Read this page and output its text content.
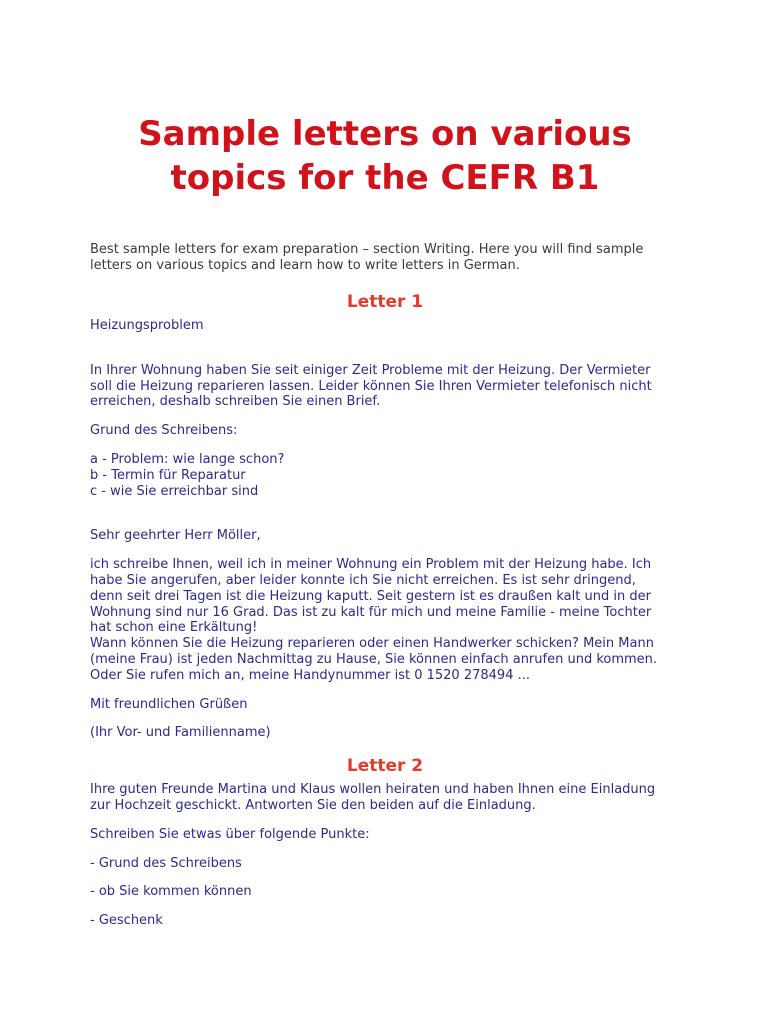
Sample letters on various
topics for the CEFR B1

Best sample letters for exam preparation – section Writing. Here you will find sample
letters on various topics and learn how to write letters in German.

Letter 1

Heizungsproblem

In Ihrer Wohnung haben Sie seit einiger Zeit Probleme mit der Heizung. Der Vermieter
soll die Heizung reparieren lassen. Leider können Sie Ihren Vermieter telefonisch nicht
erreichen, deshalb schreiben Sie einen Brief.

Grund des Schreibens:

a - Problem: wie lange schon?
b - Termin für Reparatur
c - wie Sie erreichbar sind

Sehr geehrter Herr Möller,

ich schreibe Ihnen, weil ich in meiner Wohnung ein Problem mit der Heizung habe. Ich
habe Sie angerufen, aber leider konnte ich Sie nicht erreichen. Es ist sehr dringend,
denn seit drei Tagen ist die Heizung kaputt. Seit gestern ist es draußen kalt und in der
Wohnung sind nur 16 Grad. Das ist zu kalt für mich und meine Familie - meine Tochter
hat schon eine Erkältung!
Wann können Sie die Heizung reparieren oder einen Handwerker schicken? Mein Mann
(meine Frau) ist jeden Nachmittag zu Hause, Sie können einfach anrufen und kommen.
Oder Sie rufen mich an, meine Handynummer ist 0 1520 278494 ...

Mit freundlichen Grüßen

(Ihr Vor- und Familienname)

Letter 2

Ihre guten Freunde Martina und Klaus wollen heiraten und haben Ihnen eine Einladung
zur Hochzeit geschickt. Antworten Sie den beiden auf die Einladung.

Schreiben Sie etwas über folgende Punkte:

- Grund des Schreibens

- ob Sie kommen können

- Geschenk
